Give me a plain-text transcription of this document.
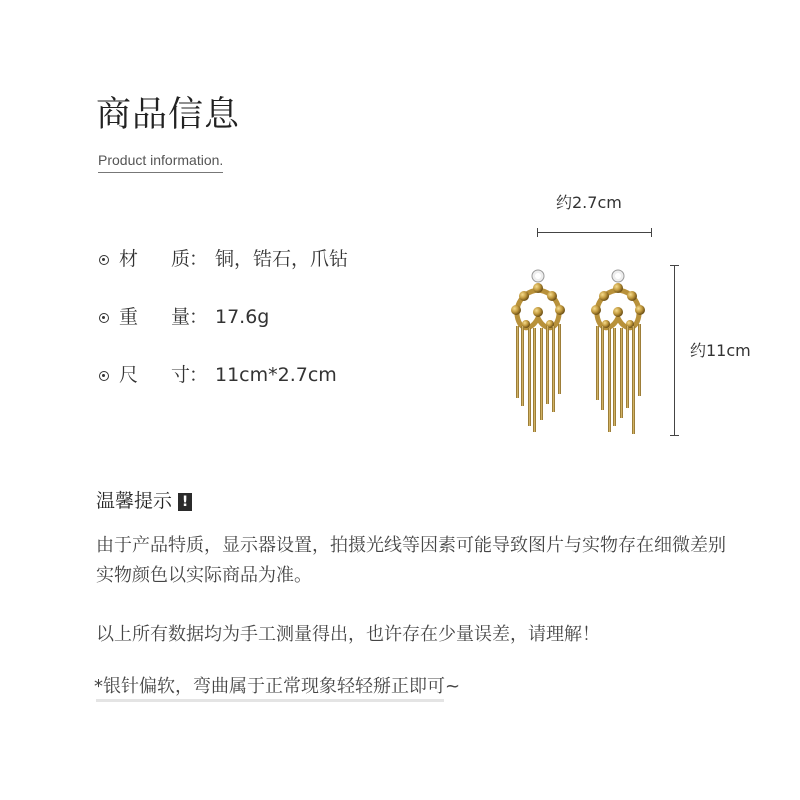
商品信息
Product information.
材	质
： 铜，锆石，爪钻
重	量
： 17.6g
尺	寸
： 11cm*2.7cm
约2.7cm
约11cm
温馨提示 !
由于产品特质，显示器设置，拍摄光线等因素可能导致图片与实物存在细微差别实物颜色以实际商品为准。
以上所有数据均为手工测量得出，也许存在少量误差，请理解！
*银针偏软，弯曲属于正常现象轻轻掰正即可~
